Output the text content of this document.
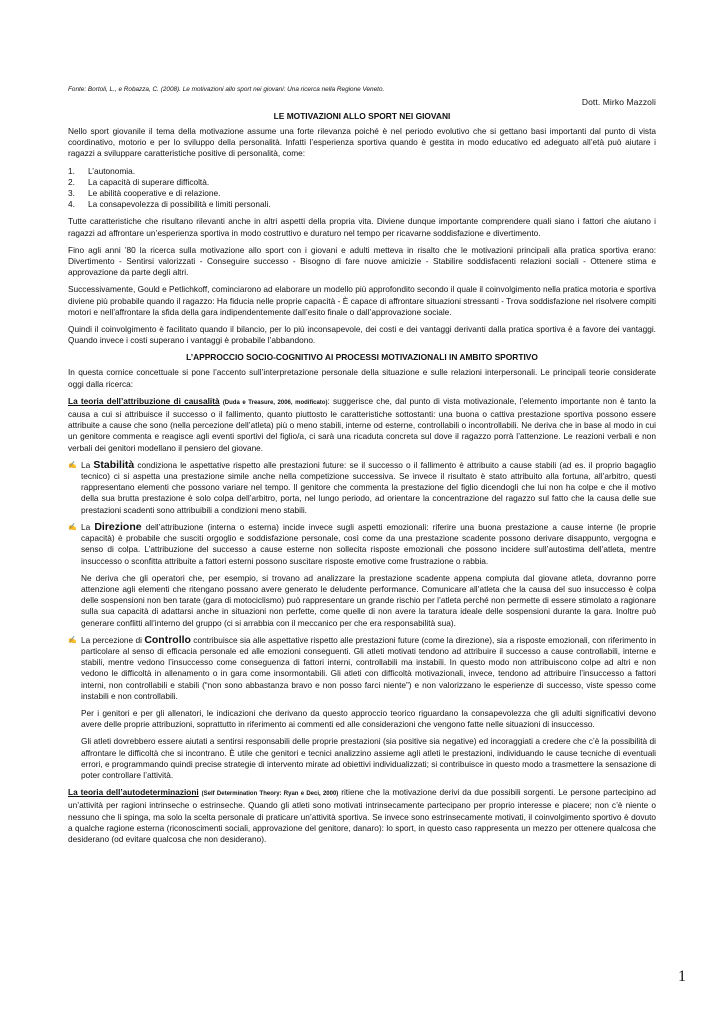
Fonte: Bortoli, L., e Robazza, C. (2008). Le motivazioni allo sport nei giovani: Una ricerca nella Regione Veneto.
Dott. Mirko Mazzoli
LE MOTIVAZIONI ALLO SPORT NEI GIOVANI

Nello sport giovanile il tema della motivazione assume una forte rilevanza poiché è nel periodo evolutivo che si gettano basi importanti dal punto di vista coordinativo, motorio e per lo sviluppo della personalità. Infatti l’esperienza sportiva quando è gestita in modo educativo ed adeguato all’età può aiutare i ragazzi a sviluppare caratteristiche positive di personalità, come:

1.	L’autonomia.
2.	La capacità di superare difficoltà.
3.	Le abilità cooperative e di relazione.
4.	La consapevolezza di possibilità e limiti personali.

Tutte caratteristiche che risultano rilevanti anche in altri aspetti della propria vita. Diviene dunque importante comprendere quali siano i fattori che aiutano i ragazzi ad affrontare un’esperienza sportiva in modo costruttivo e duraturo nel tempo per ricavarne soddisfazione e divertimento.

Fino agli anni ’80 la ricerca sulla motivazione allo sport con i giovani e adulti metteva in risalto che le motivazioni principali alla pratica sportiva erano: Divertimento - Sentirsi valorizzati - Conseguire successo - Bisogno di fare nuove amicizie - Stabilire soddisfacenti relazioni sociali - Ottenere stima e approvazione da parte degli altri.

Successivamente, Gould e Petlichkoff, cominciarono ad elaborare un modello più approfondito secondo il quale il coinvolgimento nella pratica motoria e sportiva diviene più probabile quando il ragazzo: Ha fiducia nelle proprie capacità - È capace di affrontare situazioni stressanti - Trova soddisfazione nel risolvere compiti motori e nell’affrontare la sfida della gara indipendentemente dall’esito finale o dall’approvazione sociale.

Quindi il coinvolgimento è facilitato quando il bilancio, per lo più inconsapevole, dei costi e dei vantaggi derivanti dalla pratica sportiva è a favore dei vantaggi. Quando invece i costi superano i vantaggi è probabile l’abbandono.

L’APPROCCIO SOCIO-COGNITIVO AI PROCESSI MOTIVAZIONALI IN AMBITO SPORTIVO

In questa cornice concettuale si pone l’accento sull’interpretazione personale della situazione e sulle relazioni interpersonali. Le principali teorie considerate oggi dalla ricerca:

La teoria dell’attribuzione di causalità (Duda e Treasure, 2006, modificato): suggerisce che, dal punto di vista motivazionale, l’elemento importante non è tanto la causa a cui si attribuisce il successo o il fallimento, quanto piuttosto le caratteristiche sottostanti: una buona o cattiva prestazione sportiva possono essere attribuite a cause che sono (nella percezione dell’atleta) più o meno stabili, interne od esterne, controllabili o incontrollabili. Ne deriva che in base al modo in cui un genitore commenta e reagisce agli eventi sportivi del figlio/a, ci sarà una ricaduta concreta sul dove il ragazzo porrà l’attenzione. Le reazioni verbali e non verbali dei genitori modellano il pensiero del giovane.

✍ La Stabilità condiziona le aspettative rispetto alle prestazioni future: se il successo o il fallimento è attribuito a cause stabili (ad es. il proprio bagaglio tecnico) ci si aspetta una prestazione simile anche nella competizione successiva. Se invece il risultato è stato attribuito alla fortuna, all’arbitro, questi rappresentano elementi che possono variare nel tempo. Il genitore che commenta la prestazione del figlio dicendogli che lui non ha colpe e che il motivo della sua brutta prestazione è solo colpa dell’arbitro, porta, nel lungo periodo, ad orientare la concentrazione del ragazzo sul fatto che la causa delle sue prestazioni scadenti sono attribuibili a condizioni meno stabili.
✍ La Direzione dell’attribuzione (interna o esterna) incide invece sugli aspetti emozionali: riferire una buona prestazione a cause interne (le proprie capacità) è probabile che susciti orgoglio e soddisfazione personale, così come da una prestazione scadente possono derivare disappunto, vergogna e senso di colpa. L’attribuzione del successo a cause esterne non sollecita risposte emozionali che possono incidere sull’autostima dell’atleta, mentre insuccesso o sconfitta attribuite a fattori esterni possono suscitare risposte emotive come frustrazione o rabbia.

Ne deriva che gli operatori che, per esempio, si trovano ad analizzare la prestazione scadente appena compiuta dal giovane atleta, dovranno porre attenzione agli elementi che ritengano possano avere generato le deludente performance. Comunicare all’atleta che la causa del suo insuccesso è colpa delle sospensioni non ben tarate (gara di motociclismo) può rappresentare un grande rischio per l’atleta perché non permette di essere stimolato a ragionare sulla sua capacità di adattarsi anche in situazioni non perfette, come quelle di non avere la taratura ideale delle sospensioni durante la gara. Inoltre può generare conflitti all’interno del gruppo (ci si arrabbia con il meccanico per che era responsabilità sua).

✍ La percezione di Controllo contribuisce sia alle aspettative rispetto alle prestazioni future (come la direzione), sia a risposte emozionali, con riferimento in particolare al senso di efficacia personale ed alle emozioni conseguenti. Gli atleti motivati tendono ad attribuire il successo a cause controllabili, interne e stabili, mentre vedono l’insuccesso come conseguenza di fattori interni, controllabili ma instabili. In questo modo non attribuiscono colpe ad altri e non vedono le difficoltà in allenamento o in gara come insormontabili. Gli atleti con difficoltà motivazionali, invece, tendono ad attribuire l’insuccesso a fattori interni, non controllabili e stabili (“non sono abbastanza bravo e non posso farci niente”) e non valorizzano le esperienze di successo, viste spesso come instabili e non controllabili.

Per i genitori e per gli allenatori, le indicazioni che derivano da questo approccio teorico riguardano la consapevolezza che gli adulti significativi devono avere delle proprie attribuzioni, soprattutto in riferimento ai commenti ed alle considerazioni che vengono fatte nelle situazioni di insuccesso.

Gli atleti dovrebbero essere aiutati a sentirsi responsabili delle proprie prestazioni (sia positive sia negative) ed incoraggiati a credere che c’è la possibilità di affrontare le difficoltà che si incontrano. È utile che genitori e tecnici analizzino assieme agli atleti le prestazioni, individuando le cause tecniche di eventuali errori, e programmando quindi precise strategie di intervento mirate ad obiettivi individualizzati; si contribuisce in questo modo a trasmettere la sensazione di poter controllare l’attività.

La teoria dell’autodeterminazioni (Self Determination Theory: Ryan e Deci, 2000) ritiene che la motivazione derivi da due possibili sorgenti. Le persone partecipino ad un’attività per ragioni intrinseche o estrinseche. Quando gli atleti sono motivati intrinsecamente partecipano per proprio interesse e piacere; non c’è niente o nessuno che li spinga, ma solo la scelta personale di praticare un’attività sportiva. Se invece sono estrinsecamente motivati, il coinvolgimento sportivo è dovuto a qualche ragione esterna (riconoscimenti sociali, approvazione del genitore, danaro): lo sport, in questo caso rappresenta un mezzo per ottenere qualcosa che desiderano (od evitare qualcosa che non desiderano).

1
